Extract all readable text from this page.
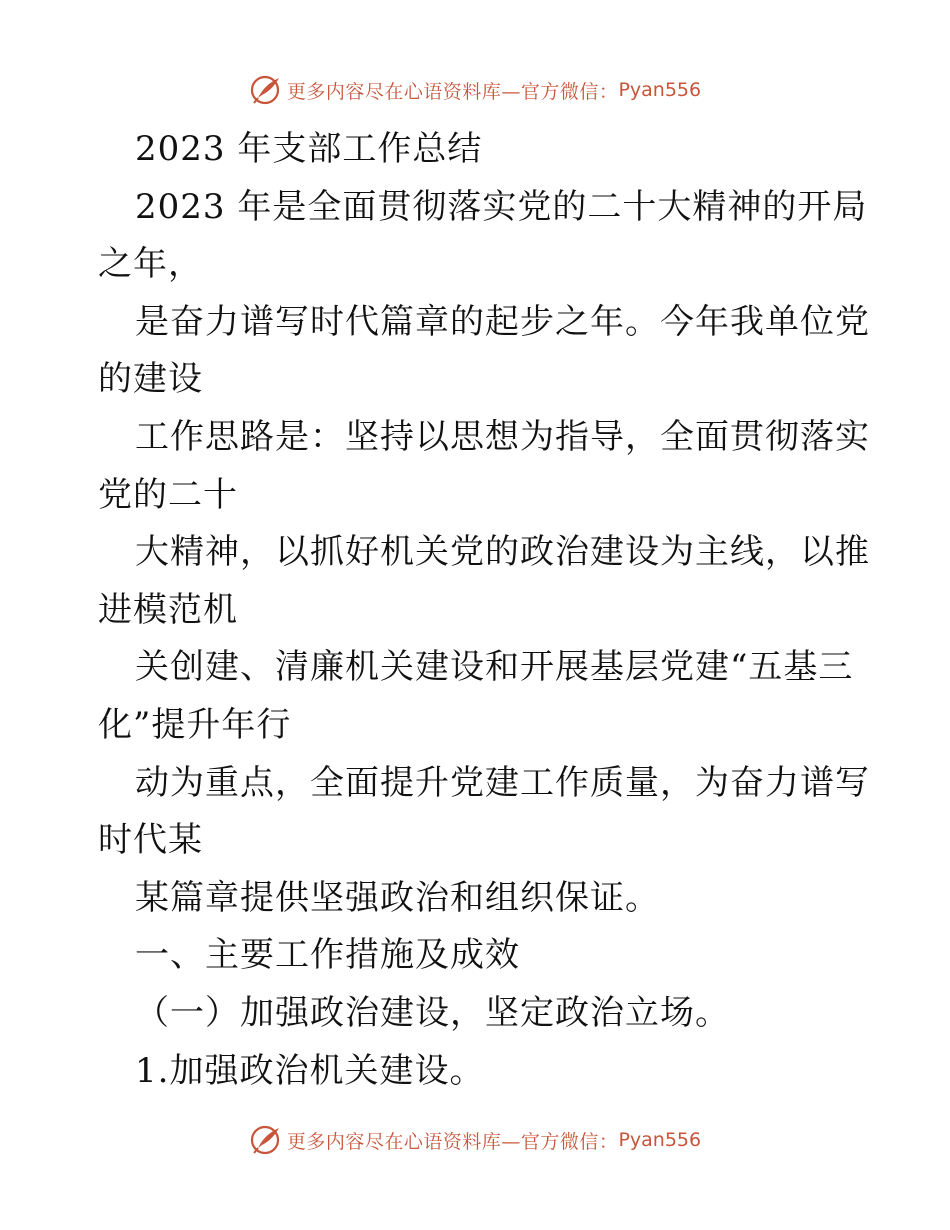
更多内容尽在心语资料库— 官方微信： Pyan556
2023 年支部工作总结
2023 年是全面贯彻落实党的二十大精神的开局
之年，
是奋力谱写时代篇章的起步之年。今年我单位党
的建设
工作思路是：坚持以思想为指导，全面贯彻落实
党的二十
大精神，以抓好机关党的政治建设为主线，以推
进模范机
关创建、清廉机关建设和开展基层党建“五基三
化”提升年行
动为重点，全面提升党建工作质量，为奋力谱写
时代某
某篇章提供坚强政治和组织保证。
一、主要工作措施及成效
（一）加强政治建设，坚定政治立场。
1.加强政治机关建设。
更多内容尽在心语资料库— 官方微信： Pyan556
